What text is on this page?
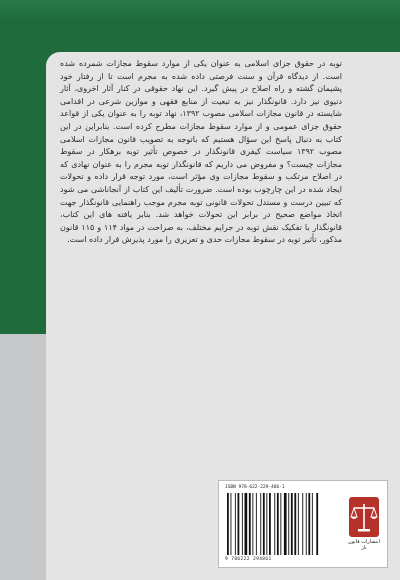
توبه در حقوق جزای اسلامی به عنوان یکی از موارد سقوط مجازات شمرده شده است. از دیدگاه قرآن و سنت فرصتی داده شده به مجرم است تا از رفتار خود پشیمان گشته و راه اصلاح در پیش گیرد. این نهاد حقوقی در کنار آثار اخروی، آثار دنیوی نیز دارد. قانونگذار نیز به تبعیت از منابع فقهی و موازین شرعی در اقدامی شایسته در قانون مجازات اسلامی مصوب ۱۳۹۲، نهاد توبه را به عنوان یکی از قواعد حقوق جزای عمومی و از موارد سقوط مجازات مطرح کرده است. بنابراین در این کتاب به دنبال پاسخ این سؤال هستیم که باتوجه به تصویب قانون مجازات اسلامی مصوب ۱۳۹۲ سیاست کیفری قانونگذار در خصوص تأثیر توبه برهکار در سقوط مجازات چیست؟ و مفروض می داریم که قانونگذار توبه مجرم را به عنوان نهادی که در اصلاح مرتکب و سقوط مجازات وی مؤثر است، مورد توجه قرار داده و تحولات ایجاد شده در این چارچوب بوده است. ضرورت تألیف این کتاب از آنجاناشی می شود که تبیین درست و مستدل تحولات قانونی توبه مجرم موجب راهنمایی قانونگذار جهت اتخاذ مواضع صحیح در برابر این تحولات خواهد شد. بنابر یافته های این کتاب، قانونگذار با تفکیک نقش توبه در جرایم مختلف، به صراحت در مواد ۱۱۴ و ۱۱۵ قانون مذکور، تأثیر توبه در سقوط مجازات حدی و تعزیری را مورد پذیرش قرار داده است.

ISBN 978-622-229-486-1
9 786222 294861
انتشارات قانون یار
